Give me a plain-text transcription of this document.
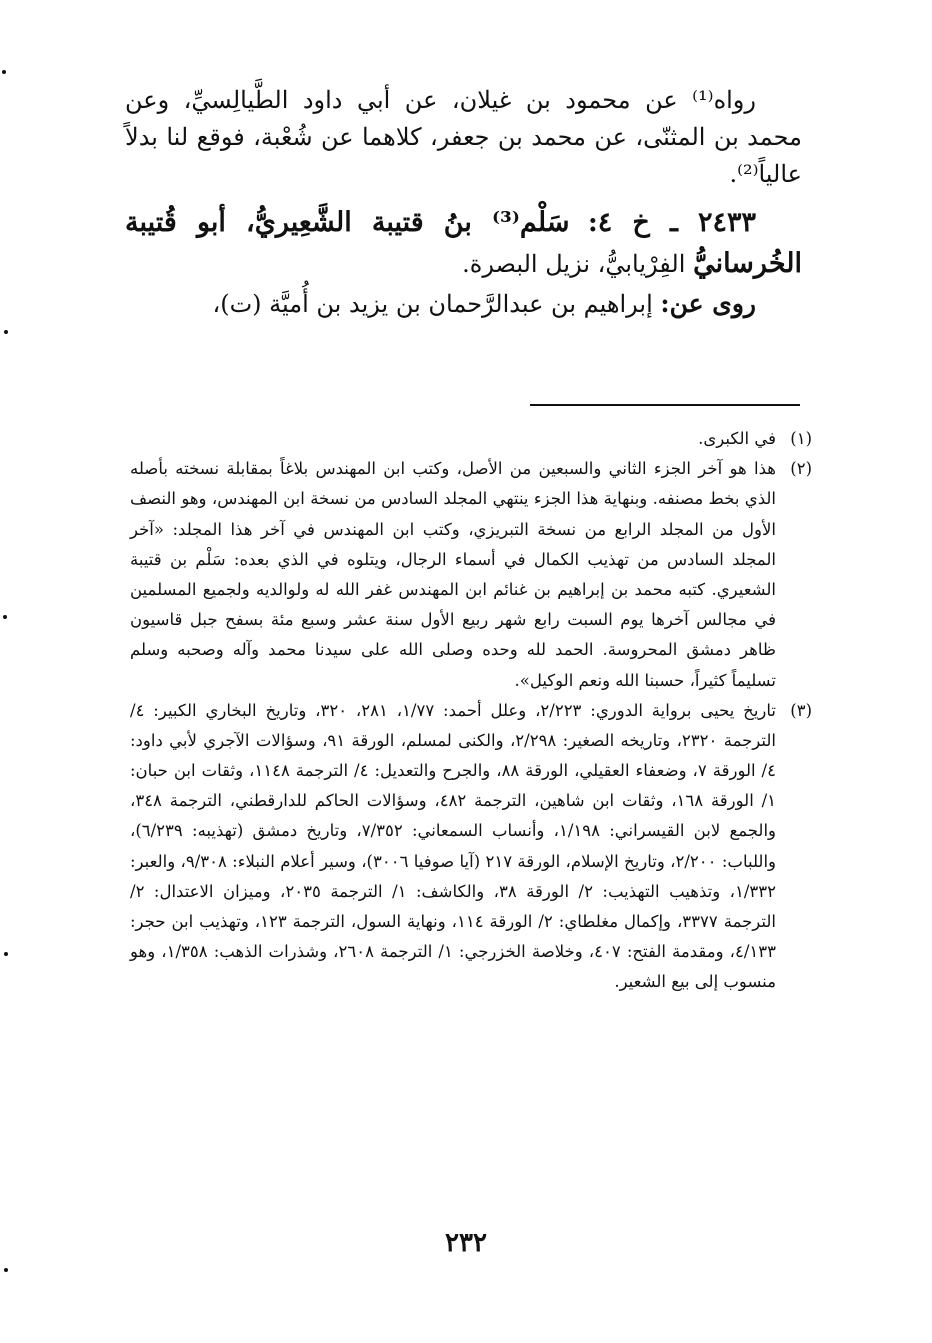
رواه⁽¹⁾ عن محمود بن غيلان، عن أبي داود الطَّيالِسيِّ، وعن محمد بن المثنّى، عن محمد بن جعفر، كلاهما عن شُعْبة، فوقع لنا بدلاً عالياً⁽²⁾.

٢٤٣٣ ـ خ ٤: سَلْم⁽³⁾ بنُ قتيبة الشَّعِيريُّ، أبو قُتيبة الخُرسانيُّ الفِرْيابيُّ، نزيل البصرة.

روى عن: إبراهيم بن عبدالرَّحمان بن يزيد بن أُميَّة (ت)،

(١)
في الكبرى.
(٢)
هذا هو آخر الجزء الثاني والسبعين من الأصل، وكتب ابن المهندس بلاغاً بمقابلة نسخته بأصله الذي بخط مصنفه. وبنهاية هذا الجزء ينتهي المجلد السادس من نسخة ابن المهندس، وهو النصف الأول من المجلد الرابع من نسخة التبريزي، وكتب ابن المهندس في آخر هذا المجلد: «آخر المجلد السادس من تهذيب الكمال في أسماء الرجال، ويتلوه في الذي بعده: سَلْم بن قتيبة الشعيري. كتبه محمد بن إبراهيم بن غنائم ابن المهندس غفر الله له ولوالديه ولجميع المسلمين في مجالس آخرها يوم السبت رابع شهر ربيع الأول سنة عشر وسبع مئة بسفح جبل قاسيون ظاهر دمشق المحروسة. الحمد لله وحده وصلى الله على سيدنا محمد وآله وصحبه وسلم تسليماً كثيراً، حسبنا الله ونعم الوكيل».
(٣)
تاريخ يحيى برواية الدوري: ٢/٢٢٣، وعلل أحمد: ١/٧٧، ٢٨١، ٣٢٠، وتاريخ البخاري الكبير: ٤/ الترجمة ٢٣٢٠، وتاريخه الصغير: ٢/٢٩٨، والكنى لمسلم، الورقة ٩١، وسؤالات الآجري لأبي داود: ٤/ الورقة ٧، وضعفاء العقيلي، الورقة ٨٨، والجرح والتعديل: ٤/ الترجمة ١١٤٨، وثقات ابن حبان: ١/ الورقة ١٦٨، وثقات ابن شاهين، الترجمة ٤٨٢، وسؤالات الحاكم للدارقطني، الترجمة ٣٤٨، والجمع لابن القيسراني: ١/١٩٨، وأنساب السمعاني: ٧/٣٥٢، وتاريخ دمشق (تهذيبه: ٦/٢٣٩)، واللباب: ٢/٢٠٠، وتاريخ الإسلام، الورقة ٢١٧ (آيا صوفيا ٣٠٠٦)، وسير أعلام النبلاء: ٩/٣٠٨، والعبر: ١/٣٣٢، وتذهيب التهذيب: ٢/ الورقة ٣٨، والكاشف: ١/ الترجمة ٢٠٣٥، وميزان الاعتدال: ٢/ الترجمة ٣٣٧٧، وإكمال مغلطاي: ٢/ الورقة ١١٤، ونهاية السول، الترجمة ١٢٣، وتهذيب ابن حجر: ٤/١٣٣، ومقدمة الفتح: ٤٠٧، وخلاصة الخزرجي: ١/ الترجمة ٢٦٠٨، وشذرات الذهب: ١/٣٥٨، وهو منسوب إلى بيع الشعير.
٢٣٢
